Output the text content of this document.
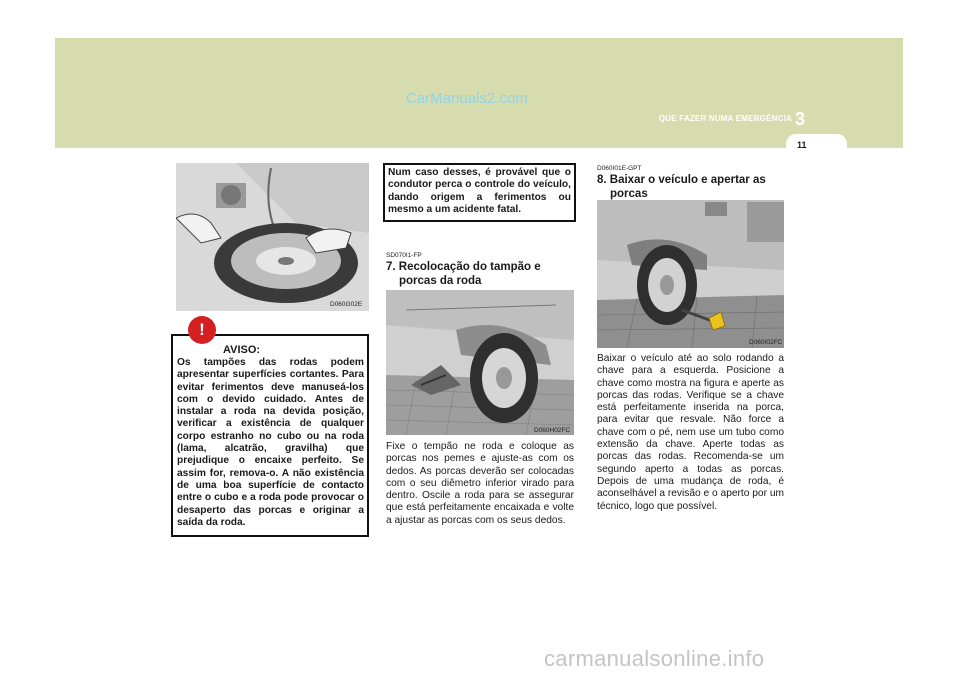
CarManuals2.com
QUE FAZER NUMA EMERGÊNCIA 3
11
D060G02E
AVISO:

Os tampões das rodas podem apresentar superfícies cortantes. Para evitar ferimentos deve manuseá-los com o devido cuidado. Antes de instalar a roda na devida posição, verificar a existência de qualquer corpo estranho no cubo ou na roda (lama, alcatrão, gravilha) que prejudique o encaixe perfeito. Se assim for, remova-o. A não existência de uma boa superfície de contacto entre o cubo e a roda pode provocar o desaperto das porcas e originar a saída da roda.

!
Num caso desses, é provável que o condutor perca o controle do veículo, dando origem a ferimentos ou mesmo a um acidente fatal.
SD070I1-FP
7. Recolocação do tampão e
porcas da roda
D060H02FC

Fixe o tempão ne roda e coloque as porcas nos pemes e ajuste-as com os dedos. As porcas deverão ser colocadas com o seu diêmetro inferior virado para dentro. Oscile a roda para se assegurar que está perfeitamente encaixada e volte a ajustar as porcas com os seus dedos.

D060I01E-GPT
8. Baixar o veículo e apertar as
porcas
D060I02FC

Baixar o veículo até ao solo rodando a chave para a esquerda. Posicione a chave como mostra na figura e aperte as porcas das rodas. Verifique se a chave está perfeitamente inserida na porca, para evitar que resvale. Não force a chave com o pé, nem use um tubo como extensão da chave. Aperte todas as porcas das rodas. Recomenda-se um segundo aperto a todas as porcas. Depois de uma mudança de roda, é aconselhável a revisão e o aperto por um técnico, logo que possível.

carmanualsonline.info
